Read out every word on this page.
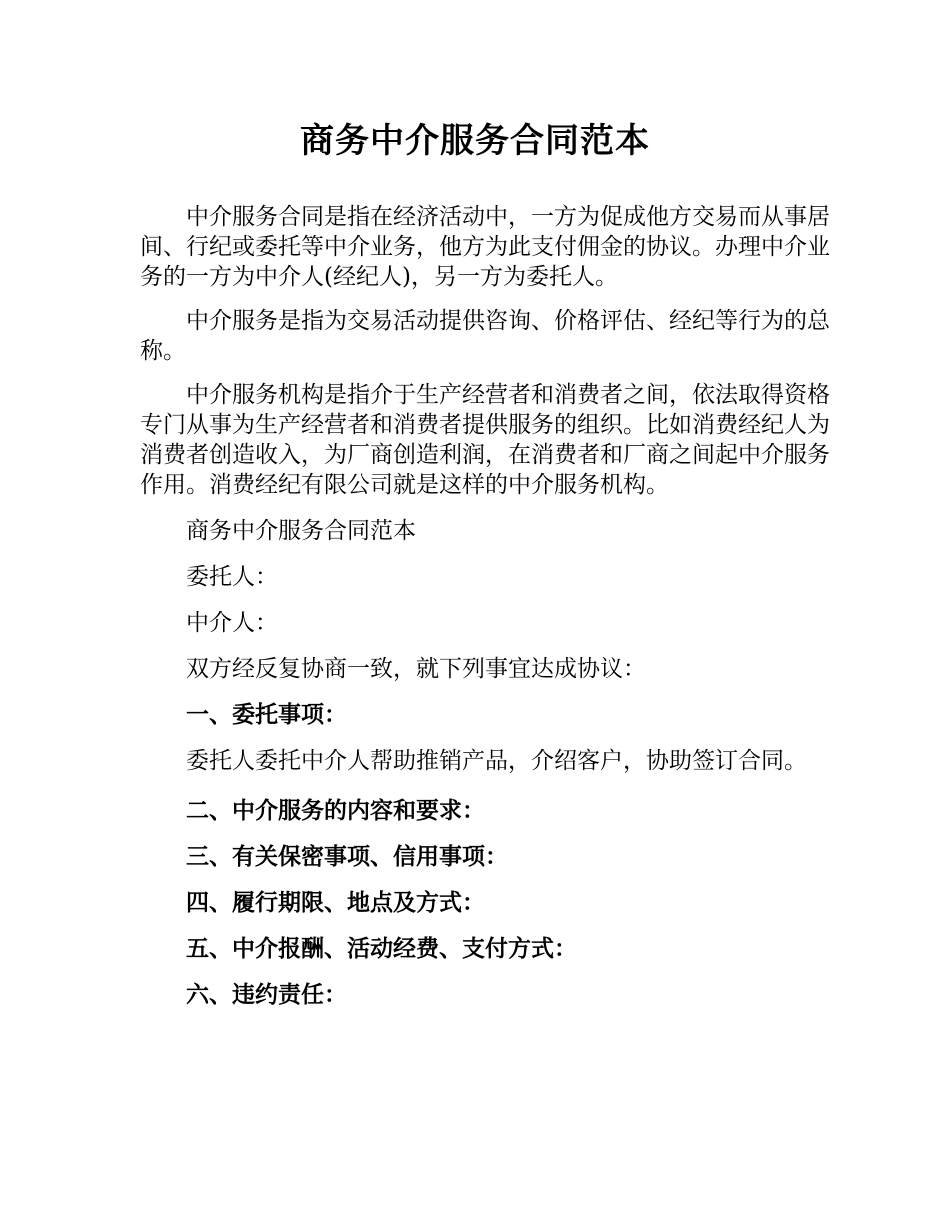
商务中介服务合同范本

中介服务合同是指在经济活动中，一方为促成他方交易而从事居间、行纪或委托等中介业务，他方为此支付佣金的协议。办理中介业务的一方为中介人(经纪人)，另一方为委托人。

中介服务是指为交易活动提供咨询、价格评估、经纪等行为的总称。

中介服务机构是指介于生产经营者和消费者之间，依法取得资格专门从事为生产经营者和消费者提供服务的组织。比如消费经纪人为消费者创造收入，为厂商创造利润，在消费者和厂商之间起中介服务作用。消费经纪有限公司就是这样的中介服务机构。

商务中介服务合同范本

委托人：

中介人：

双方经反复协商一致，就下列事宜达成协议：

一、委托事项：

委托人委托中介人帮助推销产品，介绍客户，协助签订合同。

二、中介服务的内容和要求：

三、有关保密事项、信用事项：

四、履行期限、地点及方式：

五、中介报酬、活动经费、支付方式：

六、违约责任：
